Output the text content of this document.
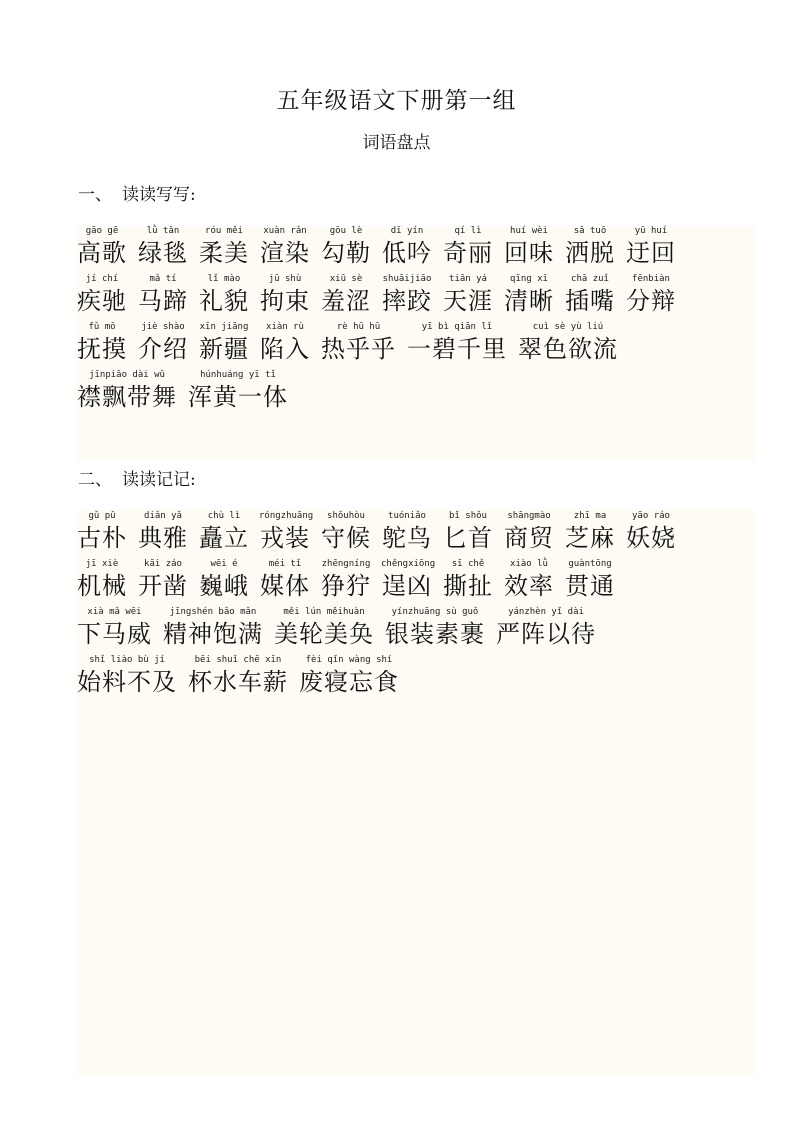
五年级语文下册第一组
词语盘点
一、 读读写写:
gāo gē
高歌
lǜ tǎn
绿毯
róu měi
柔美
xuàn rǎn
渲染
gōu lè
勾勒
dī yín
低吟
qí lì
奇丽
huí wèi
回味
sǎ tuō
洒脱
yū huí
迂回
jí chí
疾驰
mǎ tí
马蹄
lǐ mào
礼貌
jū shù
拘束
xiū sè
羞涩
shuāijiāo
摔跤
tiān yá
天涯
qīng xī
清晰
chā zuǐ
插嘴
fēnbiàn
分辩
fǔ mō
抚摸
jiè shào
介绍
xīn jiāng
新疆
xiàn rù
陷入
rè hū hū
热乎乎
yī bì qiān lǐ
一碧千里
cuì sè yù liú
翠色欲流
jīnpiāo dài wǔ
襟飘带舞
húnhuáng yī tǐ
浑黄一体
二、 读读记记:
gǔ pǔ
古朴
diǎn yǎ
典雅
chù lì
矗立
róngzhuāng
戎装
shǒuhòu
守候
tuóniǎo
鸵鸟
bǐ shǒu
匕首
shāngmào
商贸
zhī ma
芝麻
yāo ráo
妖娆
jī xiè
机械
kāi záo
开凿
wēi é
巍峨
méi tǐ
媒体
zhēngníng
狰狞
chěngxiōng
逞凶
sī chě
撕扯
xiào lǜ
效率
guàntōng
贯通
xià mǎ wēi
下马威
jīngshén bǎo mǎn
精神饱满
měi lún měihuàn
美轮美奂
yínzhuāng sù guǒ
银装素裹
yánzhèn yǐ dài
严阵以待
shǐ liào bù jí
始料不及
bēi shuǐ chē xīn
杯水车薪
fèi qǐn wàng shí
废寝忘食
